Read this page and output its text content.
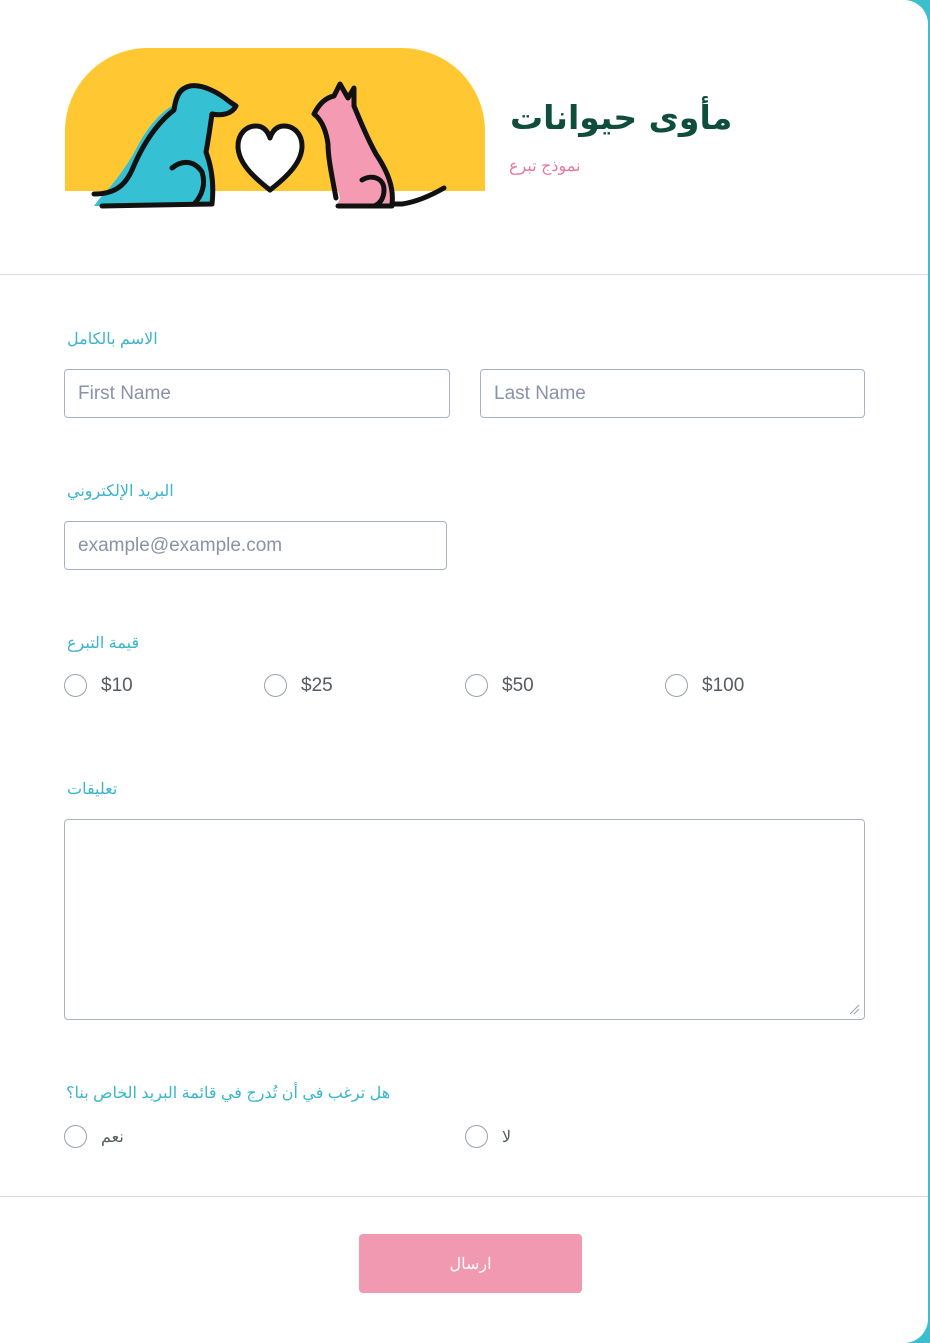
مأوى حيوانات
نموذج تبرع
الاسم بالكامل
First Name
Last Name
البريد الإلكتروني
example@example.com
قيمة التبرع
$10	$25	$50	$100
تعليقات
هل ترغب في أن تُدرج في قائمة البريد الخاص بنا؟
نعم	لا
ارسال
